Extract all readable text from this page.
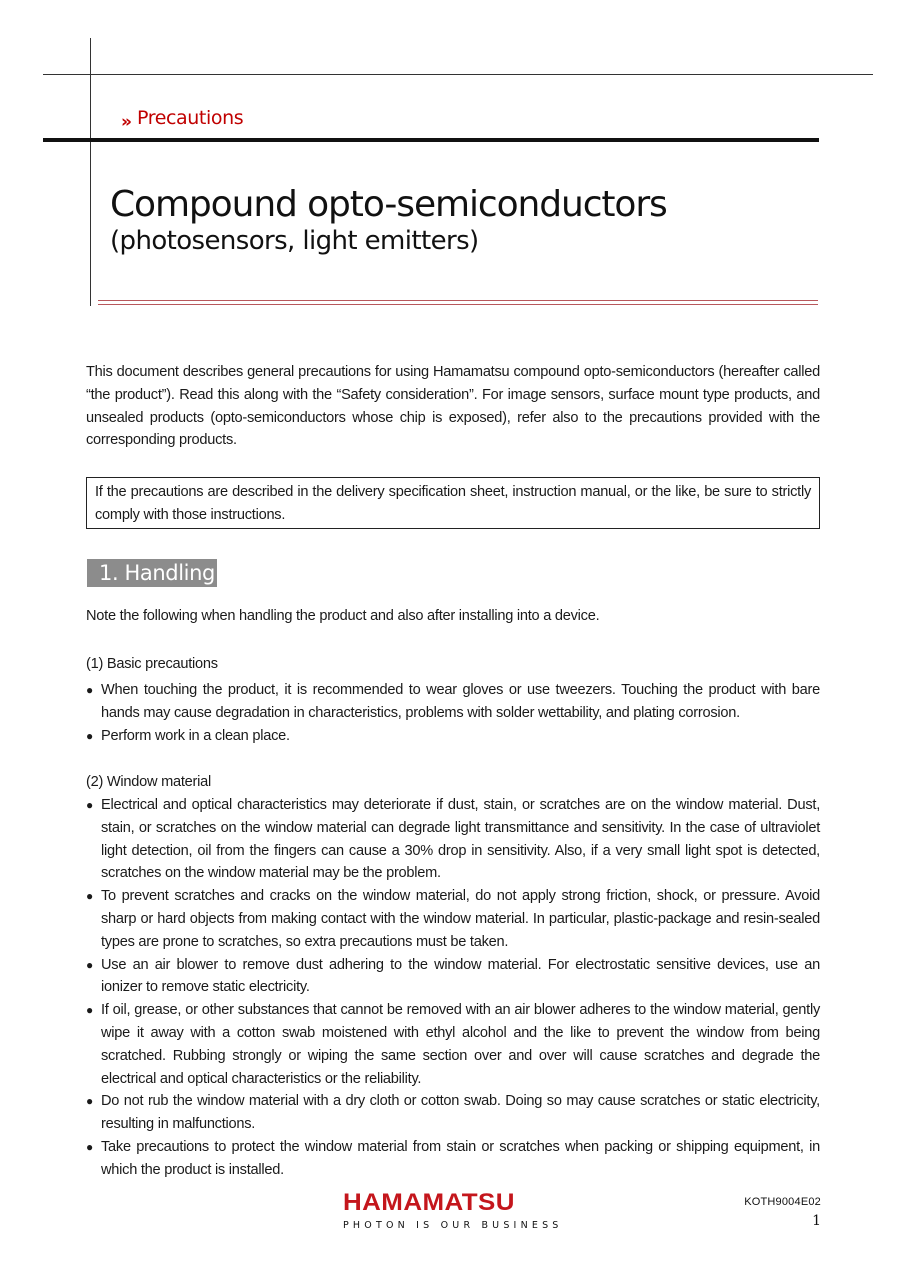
» Precautions
Compound opto-semiconductors
(photosensors, light emitters)

This document describes general precautions for using Hamamatsu compound opto-semiconductors (hereafter called “the product”). Read this along with the “Safety consideration”. For image sensors, surface mount type products, and unsealed products (opto-semiconductors whose chip is exposed), refer also to the precautions provided with the corresponding products.

If the precautions are described in the delivery specification sheet, instruction manual, or the like, be sure to strictly comply with those instructions.

1. Handling

Note the following when handling the product and also after installing into a device.

(1) Basic precautions

● When touching the product, it is recommended to wear gloves or use tweezers. Touching the product with bare hands may cause degradation in characteristics, problems with solder wettability, and plating corrosion.
● Perform work in a clean place.

(2) Window material

● Electrical and optical characteristics may deteriorate if dust, stain, or scratches are on the window material. Dust, stain, or scratches on the window material can degrade light transmittance and sensitivity. In the case of ultraviolet light detection, oil from the fingers can cause a 30% drop in sensitivity. Also, if a very small light spot is detected, scratches on the window material may be the problem.
● To prevent scratches and cracks on the window material, do not apply strong friction, shock, or pressure. Avoid sharp or hard objects from making contact with the window material. In particular, plastic-package and resin-sealed types are prone to scratches, so extra precautions must be taken.
● Use an air blower to remove dust adhering to the window material. For electrostatic sensitive devices, use an ionizer to remove static electricity.
● If oil, grease, or other substances that cannot be removed with an air blower adheres to the window material, gently wipe it away with a cotton swab moistened with ethyl alcohol and the like to prevent the window from being scratched. Rubbing strongly or wiping the same section over and over will cause scratches and degrade the electrical and optical characteristics or the reliability.
● Do not rub the window material with a dry cloth or cotton swab. Doing so may cause scratches or static electricity, resulting in malfunctions.
● Take precautions to protect the window material from stain or scratches when packing or shipping equipment, in which the product is installed.
HAMAMATSU
PHOTON IS OUR BUSINESS
KOTH9004E02
1
